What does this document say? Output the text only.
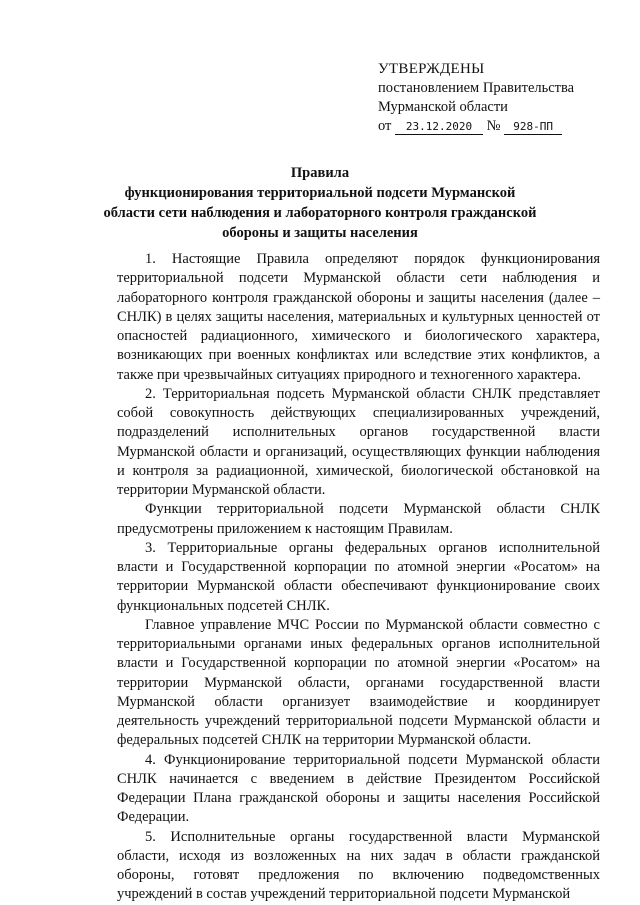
УТВЕРЖДЕНЫ
постановлением Правительства
Мурманской области
от 23.12.2020 № 928-ПП
Правила
функционирования территориальной подсети Мурманской области сети наблюдения и лабораторного контроля гражданской обороны и защиты населения

1. Настоящие Правила определяют порядок функционирования территориальной подсети Мурманской области сети наблюдения и лабораторного контроля гражданской обороны и защиты населения (далее – СНЛК) в целях защиты населения, материальных и культурных ценностей от опасностей радиационного, химического и биологического характера, возникающих при военных конфликтах или вследствие этих конфликтов, а также при чрезвычайных ситуациях природного и техногенного характера.

2. Территориальная подсеть Мурманской области СНЛК представляет собой совокупность действующих специализированных учреждений, подразделений исполнительных органов государственной власти Мурманской области и организаций, осуществляющих функции наблюдения и контроля за радиационной, химической, биологической обстановкой на территории Мурманской области.

Функции территориальной подсети Мурманской области СНЛК предусмотрены приложением к настоящим Правилам.

3. Территориальные органы федеральных органов исполнительной власти и Государственной корпорации по атомной энергии «Росатом» на территории Мурманской области обеспечивают функционирование своих функциональных подсетей СНЛК.

Главное управление МЧС России по Мурманской области совместно с территориальными органами иных федеральных органов исполнительной власти и Государственной корпорации по атомной энергии «Росатом» на территории Мурманской области, органами государственной власти Мурманской области организует взаимодействие и координирует деятельность учреждений территориальной подсети Мурманской области и федеральных подсетей СНЛК на территории Мурманской области.

4. Функционирование территориальной подсети Мурманской области СНЛК начинается с введением в действие Президентом Российской Федерации Плана гражданской обороны и защиты населения Российской Федерации.

5. Исполнительные органы государственной власти Мурманской области, исходя из возложенных на них задач в области гражданской обороны, готовят предложения по включению подведомственных учреждений в состав учреждений территориальной подсети Мурманской
